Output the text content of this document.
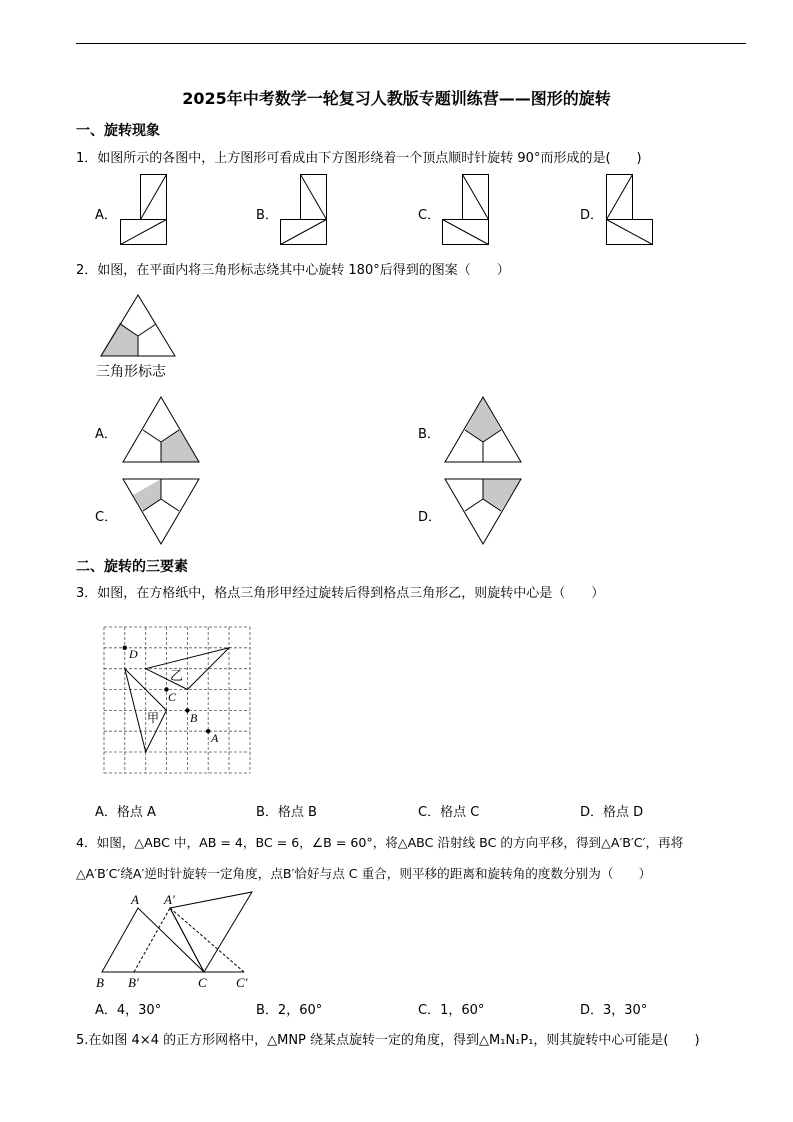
2025年中考数学一轮复习人教版专题训练营——图形的旋转
一、旋转现象
1．如图所示的各图中，上方图形可看成由下方图形绕着一个顶点顺时针旋转 90°而形成的是(　　)
A．	B．	C．	D．
2．如图，在平面内将三角形标志绕其中心旋转 180°后得到的图案（　　）
三角形标志
A．	B．
C．	D．
二、旋转的三要素
3．如图，在方格纸中，格点三角形甲经过旋转后得到格点三角形乙，则旋转中心是（　　）
D
C
B
A
甲
乙
A．格点 A	B．格点 B	C．格点 C	D．格点 D
4．如图，△ABC 中，AB = 4，BC = 6，∠B = 60°，将△ABC 沿射线 BC 的方向平移，得到△A′B′C′，再将
△A′B′C′绕A′逆时针旋转一定角度，点B′恰好与点 C 重合，则平移的距离和旋转角的度数分别为（　　）
A A′
B B′	C C′
A．4，30°	B．2，60°	C．1，60°	D．3，30°
5.在如图 4×4 的正方形网格中，△MNP 绕某点旋转一定的角度，得到△M₁N₁P₁，则其旋转中心可能是(　　)
